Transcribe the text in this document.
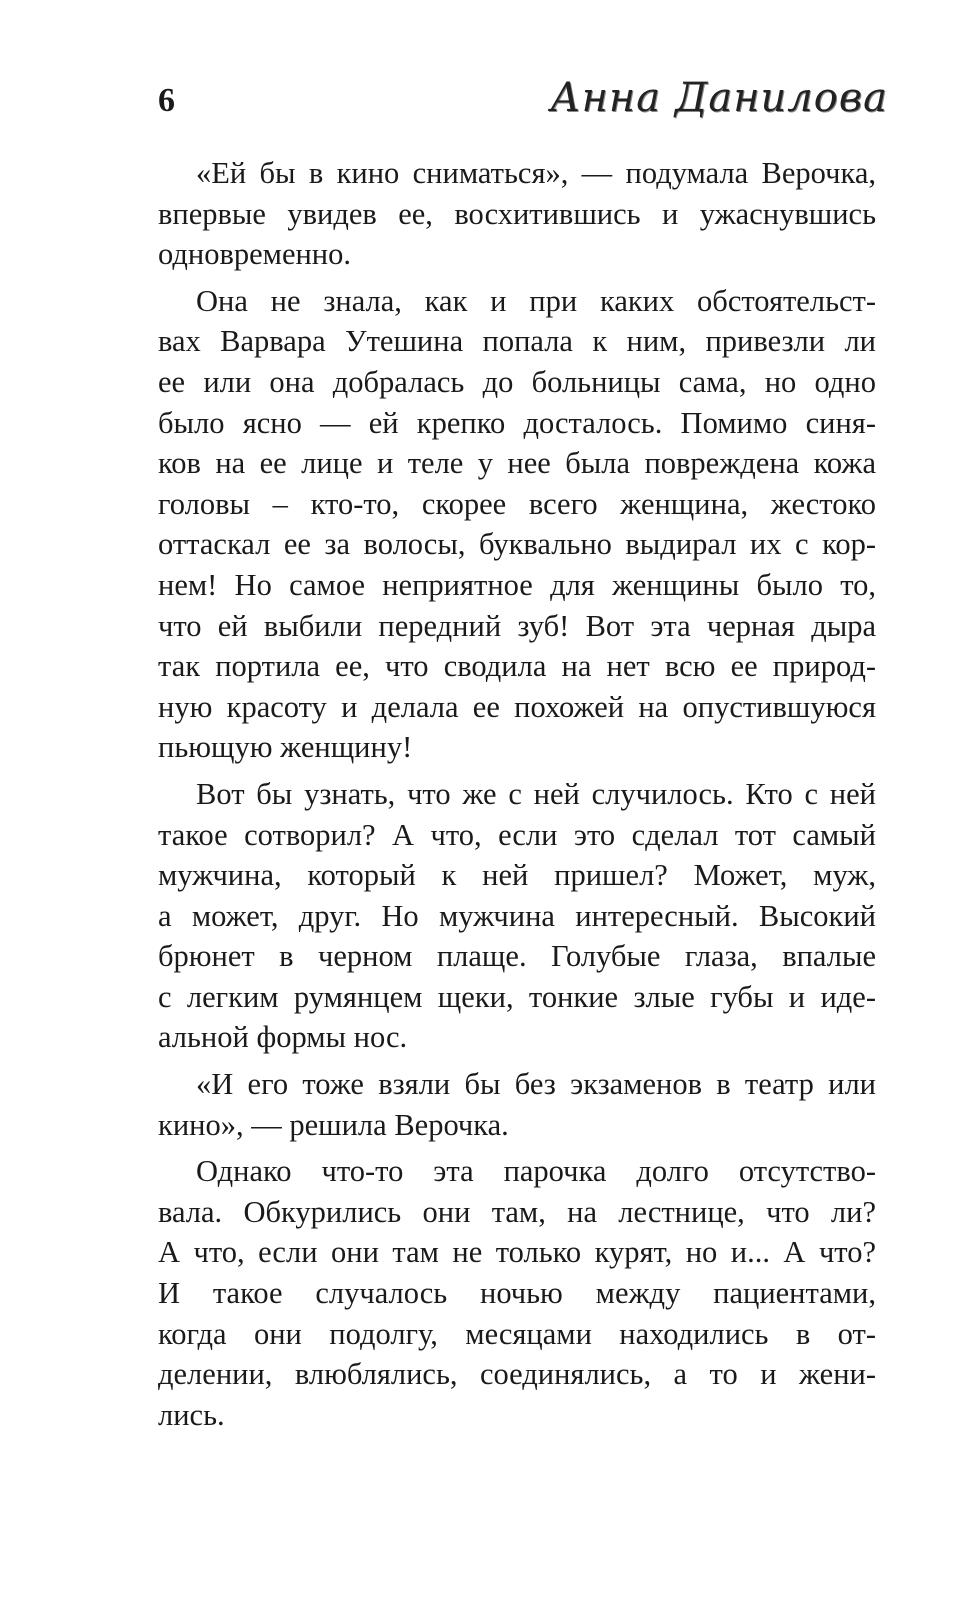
6	Анна Данилова

«Ей бы в кино сниматься», — подумала Верочка,
впервые увидев ее, восхитившись и ужаснувшись
одновременно.

Она не знала, как и при каких обстоятельст-
вах Варвара Утешина попала к ним, привезли ли
ее или она добралась до больницы сама, но одно
было ясно — ей крепко досталось. Помимо синя-
ков на ее лице и теле у нее была повреждена кожа
головы – кто-то, скорее всего женщина, жестоко
оттаскал ее за волосы, буквально выдирал их с кор-
нем! Но самое неприятное для женщины было то,
что ей выбили передний зуб! Вот эта черная дыра
так портила ее, что сводила на нет всю ее природ-
ную красоту и делала ее похожей на опустившуюся
пьющую женщину!

Вот бы узнать, что же с ней случилось. Кто с ней
такое сотворил? А что, если это сделал тот самый
мужчина, который к ней пришел? Может, муж,
а может, друг. Но мужчина интересный. Высокий
брюнет в черном плаще. Голубые глаза, впалые
с легким румянцем щеки, тонкие злые губы и иде-
альной формы нос.

«И его тоже взяли бы без экзаменов в театр или
кино», — решила Верочка.

Однако что-то эта парочка долго отсутство-
вала. Обкурились они там, на лестнице, что ли?
А что, если они там не только курят, но и... А что?
И такое случалось ночью между пациентами,
когда они подолгу, месяцами находились в от-
делении, влюблялись, соединялись, а то и жени-
лись.
